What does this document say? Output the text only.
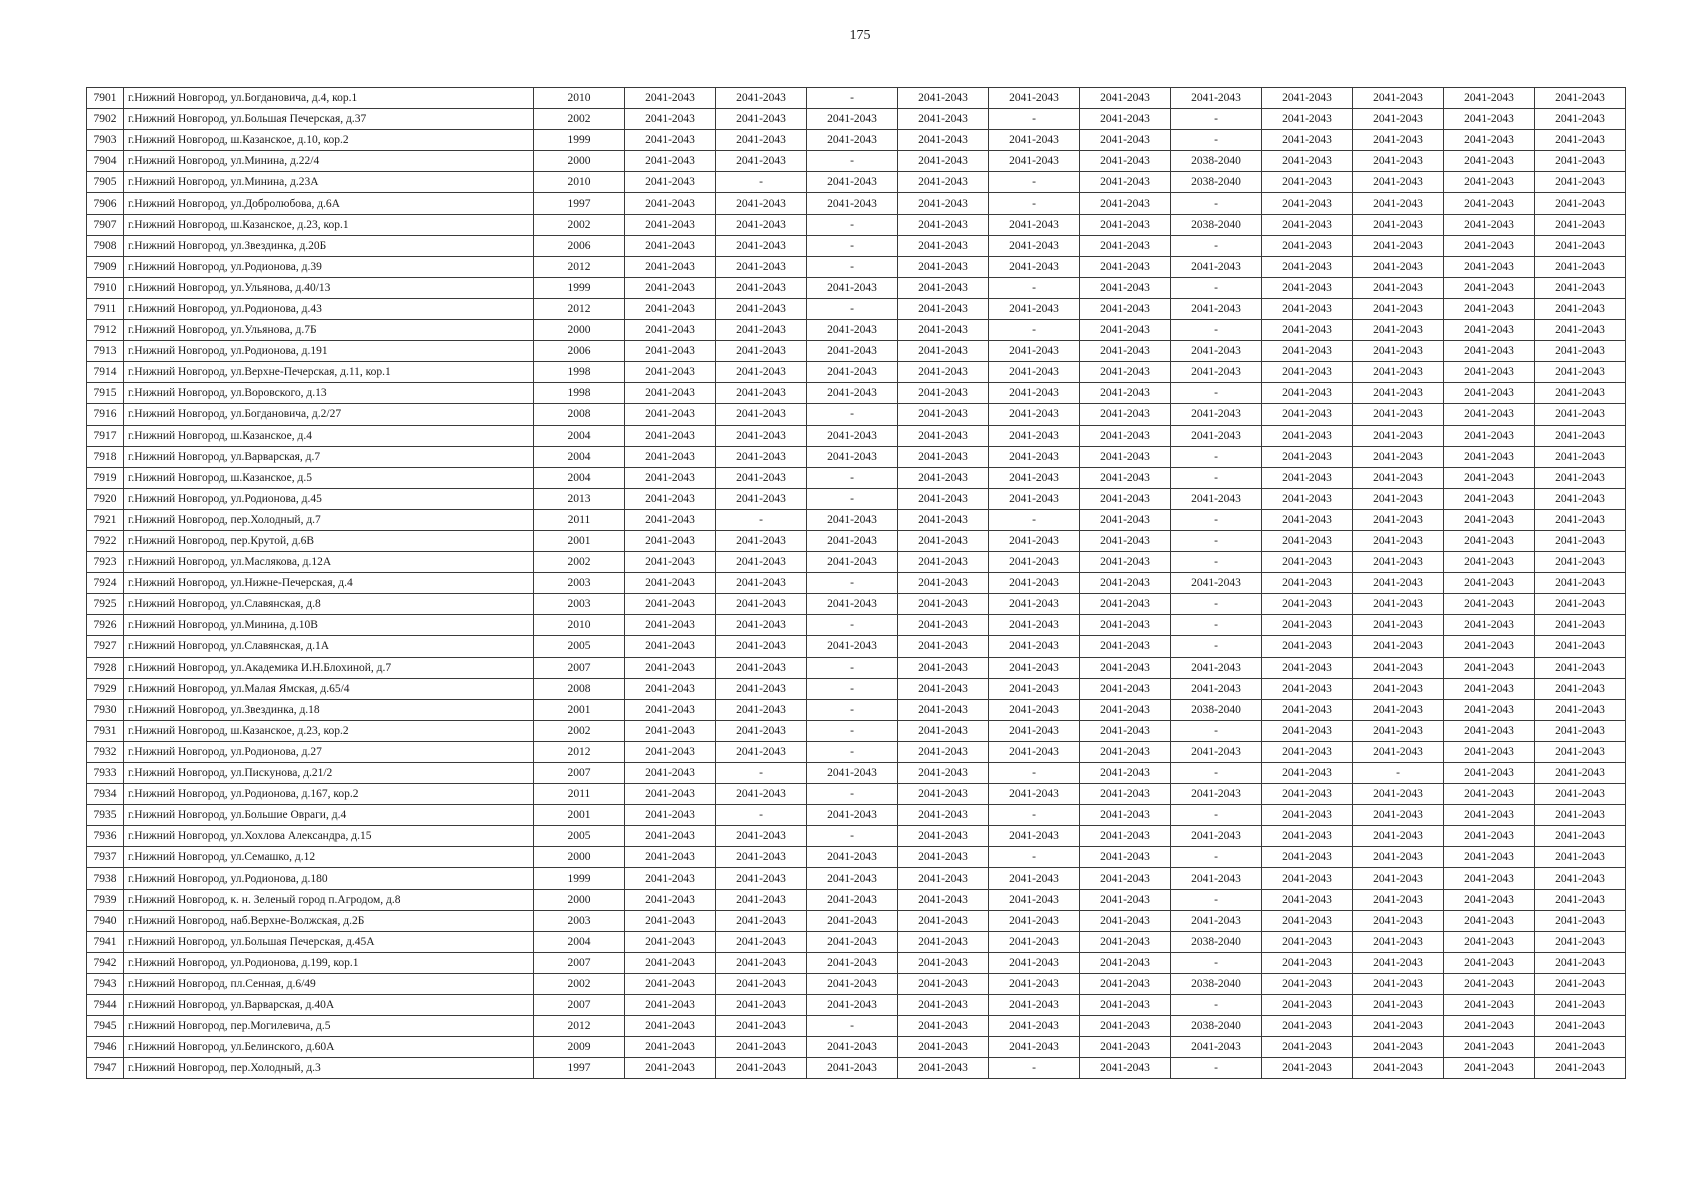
175
7901	г.Нижний Новгород, ул.Богдановича, д.4, кор.1	2010	2041-2043	2041-2043	-	2041-2043	2041-2043	2041-2043	2041-2043	2041-2043	2041-2043	2041-2043	2041-2043
7902	г.Нижний Новгород, ул.Большая Печерская, д.37	2002	2041-2043	2041-2043	2041-2043	2041-2043	-	2041-2043	-	2041-2043	2041-2043	2041-2043	2041-2043
7903	г.Нижний Новгород, ш.Казанское, д.10, кор.2	1999	2041-2043	2041-2043	2041-2043	2041-2043	2041-2043	2041-2043	-	2041-2043	2041-2043	2041-2043	2041-2043
7904	г.Нижний Новгород, ул.Минина, д.22/4	2000	2041-2043	2041-2043	-	2041-2043	2041-2043	2041-2043	2038-2040	2041-2043	2041-2043	2041-2043	2041-2043
7905	г.Нижний Новгород, ул.Минина, д.23А	2010	2041-2043	-	2041-2043	2041-2043	-	2041-2043	2038-2040	2041-2043	2041-2043	2041-2043	2041-2043
7906	г.Нижний Новгород, ул.Добролюбова, д.6А	1997	2041-2043	2041-2043	2041-2043	2041-2043	-	2041-2043	-	2041-2043	2041-2043	2041-2043	2041-2043
7907	г.Нижний Новгород, ш.Казанское, д.23, кор.1	2002	2041-2043	2041-2043	-	2041-2043	2041-2043	2041-2043	2038-2040	2041-2043	2041-2043	2041-2043	2041-2043
7908	г.Нижний Новгород, ул.Звездинка, д.20Б	2006	2041-2043	2041-2043	-	2041-2043	2041-2043	2041-2043	-	2041-2043	2041-2043	2041-2043	2041-2043
7909	г.Нижний Новгород, ул.Родионова, д.39	2012	2041-2043	2041-2043	-	2041-2043	2041-2043	2041-2043	2041-2043	2041-2043	2041-2043	2041-2043	2041-2043
7910	г.Нижний Новгород, ул.Ульянова, д.40/13	1999	2041-2043	2041-2043	2041-2043	2041-2043	-	2041-2043	-	2041-2043	2041-2043	2041-2043	2041-2043
7911	г.Нижний Новгород, ул.Родионова, д.43	2012	2041-2043	2041-2043	-	2041-2043	2041-2043	2041-2043	2041-2043	2041-2043	2041-2043	2041-2043	2041-2043
7912	г.Нижний Новгород, ул.Ульянова, д.7Б	2000	2041-2043	2041-2043	2041-2043	2041-2043	-	2041-2043	-	2041-2043	2041-2043	2041-2043	2041-2043
7913	г.Нижний Новгород, ул.Родионова, д.191	2006	2041-2043	2041-2043	2041-2043	2041-2043	2041-2043	2041-2043	2041-2043	2041-2043	2041-2043	2041-2043	2041-2043
7914	г.Нижний Новгород, ул.Верхне-Печерская, д.11, кор.1	1998	2041-2043	2041-2043	2041-2043	2041-2043	2041-2043	2041-2043	2041-2043	2041-2043	2041-2043	2041-2043	2041-2043
7915	г.Нижний Новгород, ул.Воровского, д.13	1998	2041-2043	2041-2043	2041-2043	2041-2043	2041-2043	2041-2043	-	2041-2043	2041-2043	2041-2043	2041-2043
7916	г.Нижний Новгород, ул.Богдановича, д.2/27	2008	2041-2043	2041-2043	-	2041-2043	2041-2043	2041-2043	2041-2043	2041-2043	2041-2043	2041-2043	2041-2043
7917	г.Нижний Новгород, ш.Казанское, д.4	2004	2041-2043	2041-2043	2041-2043	2041-2043	2041-2043	2041-2043	2041-2043	2041-2043	2041-2043	2041-2043	2041-2043
7918	г.Нижний Новгород, ул.Варварская, д.7	2004	2041-2043	2041-2043	2041-2043	2041-2043	2041-2043	2041-2043	-	2041-2043	2041-2043	2041-2043	2041-2043
7919	г.Нижний Новгород, ш.Казанское, д.5	2004	2041-2043	2041-2043	-	2041-2043	2041-2043	2041-2043	-	2041-2043	2041-2043	2041-2043	2041-2043
7920	г.Нижний Новгород, ул.Родионова, д.45	2013	2041-2043	2041-2043	-	2041-2043	2041-2043	2041-2043	2041-2043	2041-2043	2041-2043	2041-2043	2041-2043
7921	г.Нижний Новгород, пер.Холодный, д.7	2011	2041-2043	-	2041-2043	2041-2043	-	2041-2043	-	2041-2043	2041-2043	2041-2043	2041-2043
7922	г.Нижний Новгород, пер.Крутой, д.6В	2001	2041-2043	2041-2043	2041-2043	2041-2043	2041-2043	2041-2043	-	2041-2043	2041-2043	2041-2043	2041-2043
7923	г.Нижний Новгород, ул.Маслякова, д.12А	2002	2041-2043	2041-2043	2041-2043	2041-2043	2041-2043	2041-2043	-	2041-2043	2041-2043	2041-2043	2041-2043
7924	г.Нижний Новгород, ул.Нижне-Печерская, д.4	2003	2041-2043	2041-2043	-	2041-2043	2041-2043	2041-2043	2041-2043	2041-2043	2041-2043	2041-2043	2041-2043
7925	г.Нижний Новгород, ул.Славянская, д.8	2003	2041-2043	2041-2043	2041-2043	2041-2043	2041-2043	2041-2043	-	2041-2043	2041-2043	2041-2043	2041-2043
7926	г.Нижний Новгород, ул.Минина, д.10В	2010	2041-2043	2041-2043	-	2041-2043	2041-2043	2041-2043	-	2041-2043	2041-2043	2041-2043	2041-2043
7927	г.Нижний Новгород, ул.Славянская, д.1А	2005	2041-2043	2041-2043	2041-2043	2041-2043	2041-2043	2041-2043	-	2041-2043	2041-2043	2041-2043	2041-2043
7928	г.Нижний Новгород, ул.Академика И.Н.Блохиной, д.7	2007	2041-2043	2041-2043	-	2041-2043	2041-2043	2041-2043	2041-2043	2041-2043	2041-2043	2041-2043	2041-2043
7929	г.Нижний Новгород, ул.Малая Ямская, д.65/4	2008	2041-2043	2041-2043	-	2041-2043	2041-2043	2041-2043	2041-2043	2041-2043	2041-2043	2041-2043	2041-2043
7930	г.Нижний Новгород, ул.Звездинка, д.18	2001	2041-2043	2041-2043	-	2041-2043	2041-2043	2041-2043	2038-2040	2041-2043	2041-2043	2041-2043	2041-2043
7931	г.Нижний Новгород, ш.Казанское, д.23, кор.2	2002	2041-2043	2041-2043	-	2041-2043	2041-2043	2041-2043	-	2041-2043	2041-2043	2041-2043	2041-2043
7932	г.Нижний Новгород, ул.Родионова, д.27	2012	2041-2043	2041-2043	-	2041-2043	2041-2043	2041-2043	2041-2043	2041-2043	2041-2043	2041-2043	2041-2043
7933	г.Нижний Новгород, ул.Пискунова, д.21/2	2007	2041-2043	-	2041-2043	2041-2043	-	2041-2043	-	2041-2043	-	2041-2043	2041-2043
7934	г.Нижний Новгород, ул.Родионова, д.167, кор.2	2011	2041-2043	2041-2043	-	2041-2043	2041-2043	2041-2043	2041-2043	2041-2043	2041-2043	2041-2043	2041-2043
7935	г.Нижний Новгород, ул.Большие Овраги, д.4	2001	2041-2043	-	2041-2043	2041-2043	-	2041-2043	-	2041-2043	2041-2043	2041-2043	2041-2043
7936	г.Нижний Новгород, ул.Хохлова Александра, д.15	2005	2041-2043	2041-2043	-	2041-2043	2041-2043	2041-2043	2041-2043	2041-2043	2041-2043	2041-2043	2041-2043
7937	г.Нижний Новгород, ул.Семашко, д.12	2000	2041-2043	2041-2043	2041-2043	2041-2043	-	2041-2043	-	2041-2043	2041-2043	2041-2043	2041-2043
7938	г.Нижний Новгород, ул.Родионова, д.180	1999	2041-2043	2041-2043	2041-2043	2041-2043	2041-2043	2041-2043	2041-2043	2041-2043	2041-2043	2041-2043	2041-2043
7939	г.Нижний Новгород, к. н. Зеленый город п.Агродом, д.8	2000	2041-2043	2041-2043	2041-2043	2041-2043	2041-2043	2041-2043	-	2041-2043	2041-2043	2041-2043	2041-2043
7940	г.Нижний Новгород, наб.Верхне-Волжская, д.2Б	2003	2041-2043	2041-2043	2041-2043	2041-2043	2041-2043	2041-2043	2041-2043	2041-2043	2041-2043	2041-2043	2041-2043
7941	г.Нижний Новгород, ул.Большая Печерская, д.45А	2004	2041-2043	2041-2043	2041-2043	2041-2043	2041-2043	2041-2043	2038-2040	2041-2043	2041-2043	2041-2043	2041-2043
7942	г.Нижний Новгород, ул.Родионова, д.199, кор.1	2007	2041-2043	2041-2043	2041-2043	2041-2043	2041-2043	2041-2043	-	2041-2043	2041-2043	2041-2043	2041-2043
7943	г.Нижний Новгород, пл.Сенная, д.6/49	2002	2041-2043	2041-2043	2041-2043	2041-2043	2041-2043	2041-2043	2038-2040	2041-2043	2041-2043	2041-2043	2041-2043
7944	г.Нижний Новгород, ул.Варварская, д.40А	2007	2041-2043	2041-2043	2041-2043	2041-2043	2041-2043	2041-2043	-	2041-2043	2041-2043	2041-2043	2041-2043
7945	г.Нижний Новгород, пер.Могилевича, д.5	2012	2041-2043	2041-2043	-	2041-2043	2041-2043	2041-2043	2038-2040	2041-2043	2041-2043	2041-2043	2041-2043
7946	г.Нижний Новгород, ул.Белинского, д.60А	2009	2041-2043	2041-2043	2041-2043	2041-2043	2041-2043	2041-2043	2041-2043	2041-2043	2041-2043	2041-2043	2041-2043
7947	г.Нижний Новгород, пер.Холодный, д.3	1997	2041-2043	2041-2043	2041-2043	2041-2043	-	2041-2043	-	2041-2043	2041-2043	2041-2043	2041-2043
